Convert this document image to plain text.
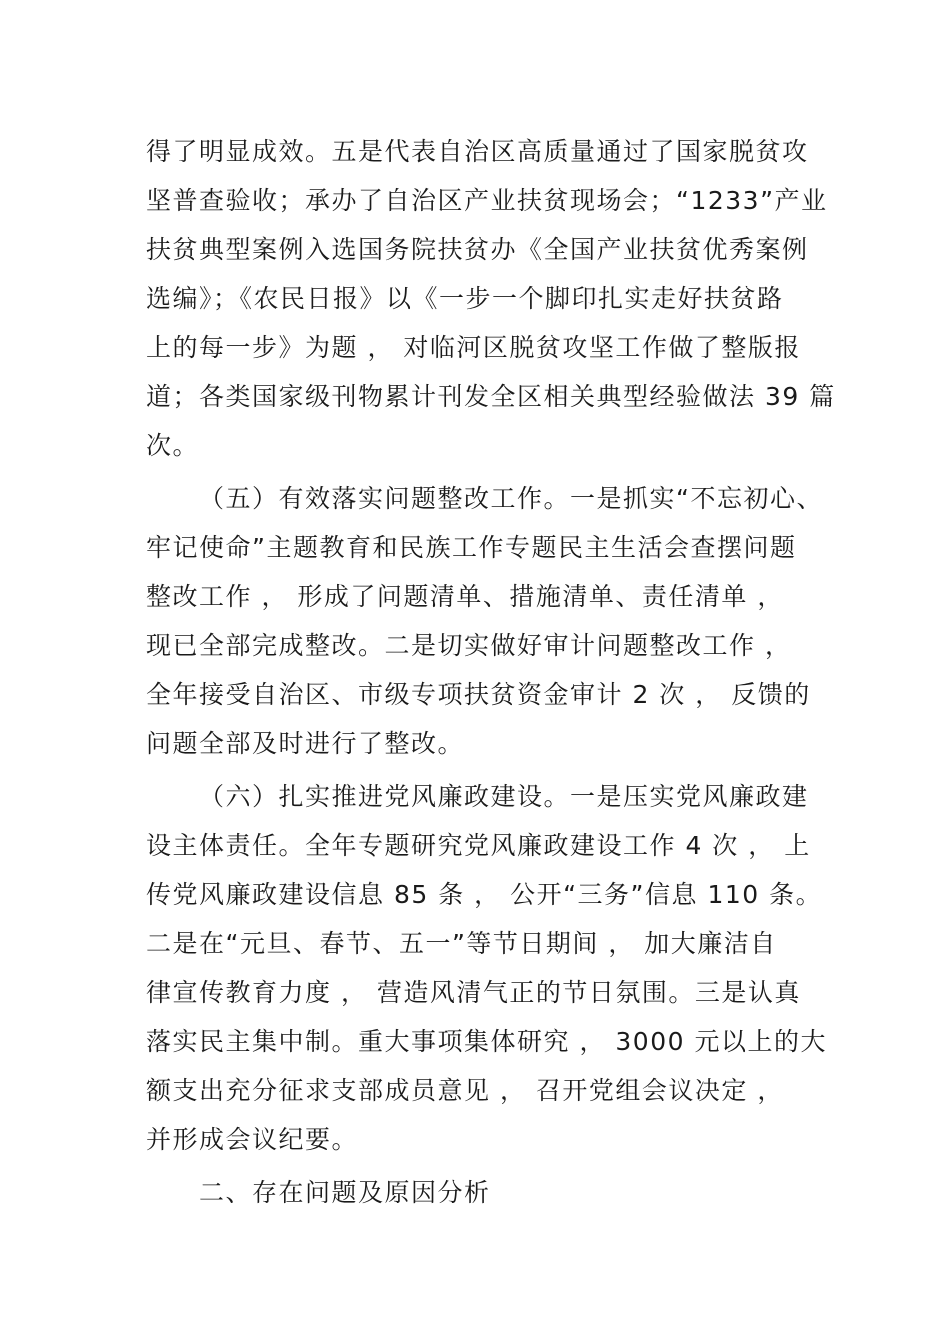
得了明显成效。五是代表自治区高质量通过了国家脱贫攻
坚普查验收；承办了自治区产业扶贫现场会；“1233”产业
扶贫典型案例入选国务院扶贫办《全国产业扶贫优秀案例
选编》；《农民日报》以《一步一个脚印扎实走好扶贫路
上的每一步》为题 ， 对临河区脱贫攻坚工作做了整版报
道；各类国家级刊物累计刊发全区相关典型经验做法 39 篇
次。
（五）有效落实问题整改工作。一是抓实“不忘初心、
牢记使命”主题教育和民族工作专题民主生活会查摆问题
整改工作 ， 形成了问题清单、措施清单、责任清单 ，
现已全部完成整改。二是切实做好审计问题整改工作 ，
全年接受自治区、市级专项扶贫资金审计 2 次 ， 反馈的
问题全部及时进行了整改。
（六）扎实推进党风廉政建设。一是压实党风廉政建
设主体责任。全年专题研究党风廉政建设工作 4 次 ， 上
传党风廉政建设信息 85 条 ， 公开“三务”信息 110 条。
二是在“元旦、春节、五一”等节日期间 ， 加大廉洁自
律宣传教育力度 ， 营造风清气正的节日氛围。三是认真
落实民主集中制。重大事项集体研究 ， 3000 元以上的大
额支出充分征求支部成员意见 ， 召开党组会议决定 ，
并形成会议纪要。
二、存在问题及原因分析
